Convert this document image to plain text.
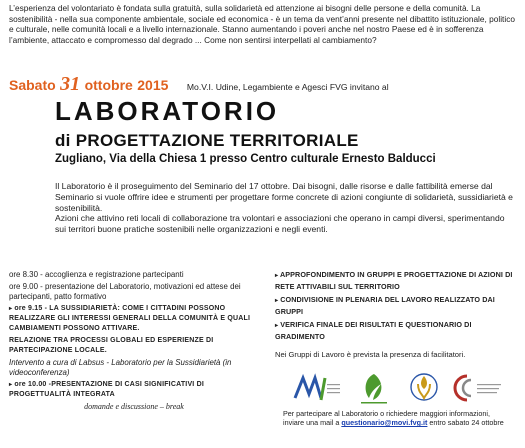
L’esperienza del volontariato è fondata sulla gratuità, sulla solidarietà ed attenzione ai bisogni delle persone e della comunità. La sostenibilità - nella sua componente ambientale, sociale ed economica - è un tema da vent’anni presente nel dibattito istituzionale, politico e culturale, nelle comunità locali e a livello internazionale. Stanno aumentando i poveri anche nel nostro Paese ed è in sofferenza l’ambiente, attaccato e compromesso dal degrado ... Come non sentirsi interpellati al cambiamento?
Sabato 31 ottobre 2015 Mo.V.I. Udine, Legambiente e Agesci FVG invitano al
LABORATORIO
di PROGETTAZIONE TERRITORIALE
Zugliano, Via della Chiesa 1 presso Centro culturale Ernesto Balducci

Il Laboratorio è il proseguimento del Seminario del 17 ottobre. Dai bisogni, dalle risorse e dalle fattibilità emerse dal Seminario si vuole offrire idee e strumenti per progettare forme concrete di azioni congiunte di solidarietà, sussidiarietà e sostenibilità.

Azioni che attivino reti locali di collaborazione tra volontari e associazioni che operano in campi diversi, sperimentando sui territori buone pratiche sostenibili nelle organizzazioni e negli eventi.

ore 8.30 - accoglienza e registrazione partecipanti
ore 9.00 - presentazione del Laboratorio, motivazioni ed attese dei partecipanti, patto formativo
▸ ore 9.15 - LA SUSSIDIARIETÀ: COME I CITTADINI POSSONO REALIZZARE GLI INTERESSI GENERALI DELLA COMUNITÀ E QUALI CAMBIAMENTI POSSONO ATTIVARE.
RELAZIONE TRA PROCESSI GLOBALI ED ESPERIENZE DI PARTECIPAZIONE LOCALE.
Intervento a cura di Labsus - Laboratorio per la Sussidiarietà (in videoconferenza)
▸ ore 10.00 -PRESENTAZIONE DI CASI SIGNIFICATIVI DI PROGETTUALITÀ INTEGRATA
domande e discussione – break
▸ APPROFONDIMENTO IN GRUPPI E PROGETTAZIONE DI AZIONI DI RETE ATTIVABILI SUL TERRITORIO
▸ CONDIVISIONE IN PLENARIA DEL LAVORO REALIZZATO DAI GRUPPI
▸ VERIFICA FINALE DEI RISULTATI E QUESTIONARIO DI GRADIMENTO
Nei Gruppi di Lavoro è prevista la presenza di facilitatori.
Per partecipare al Laboratorio o richiedere maggiori informazioni,
inviare una mail a questionario@movi.fvg.it entro sabato 24 ottobre
